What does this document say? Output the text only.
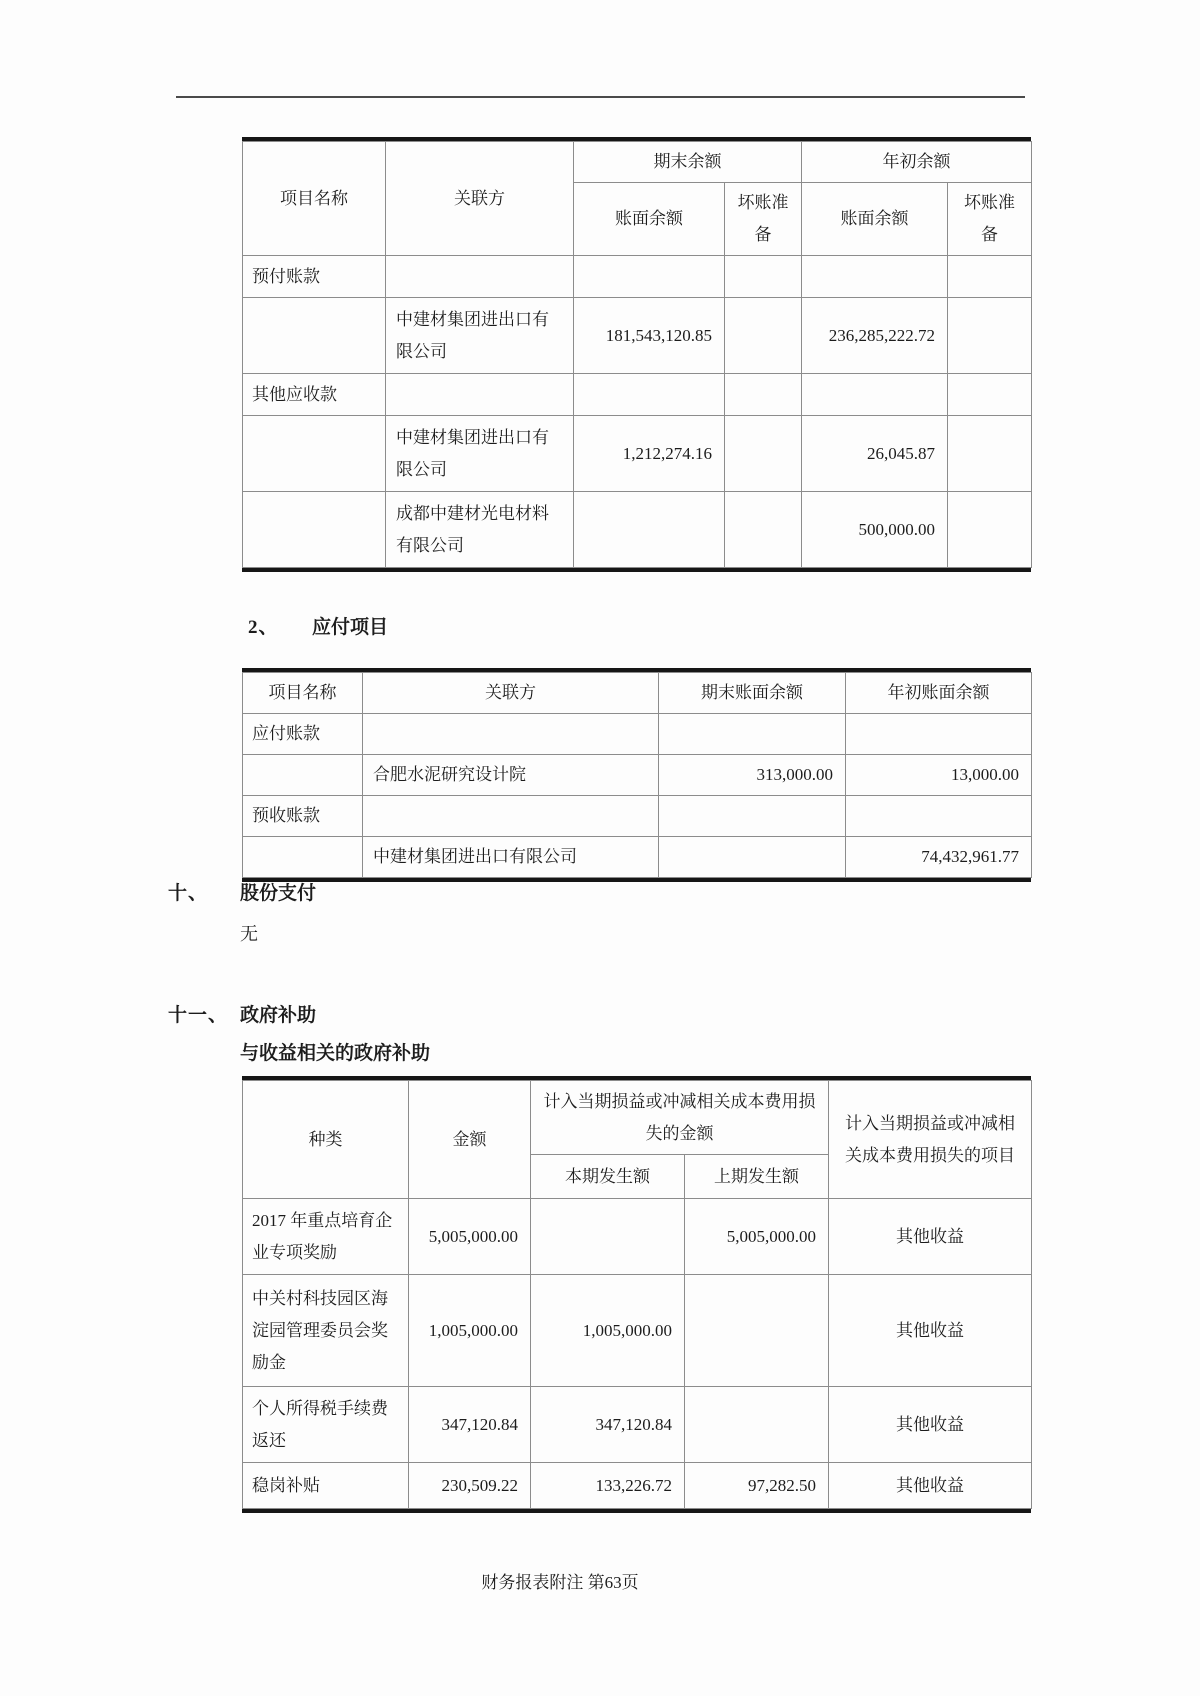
项目名称	关联方	期末余额		年初余额	
		账面余额	坏账准备	账面余额	坏账准备
预付账款					
	中建材集团进出口有限公司	181,543,120.85		236,285,222.72	
其他应收款					
	中建材集团进出口有限公司	1,212,274.16		26,045.87	
	成都中建材光电材料有限公司			500,000.00	
2、 应付项目
项目名称	关联方	期末账面余额	年初账面余额
应付账款			
	合肥水泥研究设计院	313,000.00	13,000.00
预收账款			
	中建材集团进出口有限公司		74,432,961.77
十、 股份支付
无
十一、 政府补助
与收益相关的政府补助
种类	金额	计入当期损益或冲减相关成本费用损失的金额		计入当期损益或冲减相关成本费用损失的项目
		本期发生额	上期发生额	
2017 年重点培育企业专项奖励	5,005,000.00		5,005,000.00	其他收益
中关村科技园区海淀园管理委员会奖励金	1,005,000.00	1,005,000.00		其他收益
个人所得税手续费返还	347,120.84	347,120.84		其他收益
稳岗补贴	230,509.22	133,226.72	97,282.50	其他收益
财务报表附注 第63页
